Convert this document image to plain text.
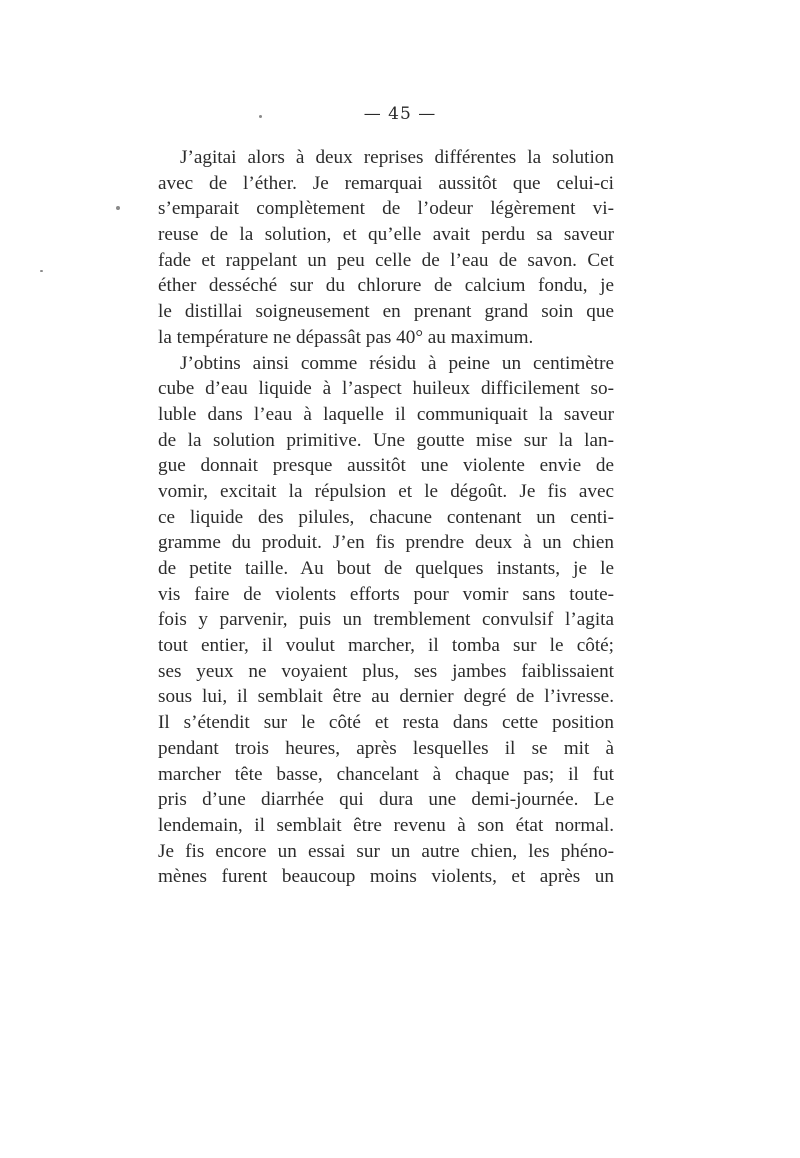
— 45 —
J’agitai alors à deux reprises différentes la solution
avec de l’éther. Je remarquai aussitôt que celui-ci
s’emparait complètement de l’odeur légèrement vi-
reuse de la solution, et qu’elle avait perdu sa saveur
fade et rappelant un peu celle de l’eau de savon. Cet
éther desséché sur du chlorure de calcium fondu, je
le distillai soigneusement en prenant grand soin que
la température ne dépassât pas 40° au maximum.
J’obtins ainsi comme résidu à peine un centimètre
cube d’eau liquide à l’aspect huileux difficilement so-
luble dans l’eau à laquelle il communiquait la saveur
de la solution primitive. Une goutte mise sur la lan-
gue donnait presque aussitôt une violente envie de
vomir, excitait la répulsion et le dégoût. Je fis avec
ce liquide des pilules, chacune contenant un centi-
gramme du produit. J’en fis prendre deux à un chien
de petite taille. Au bout de quelques instants, je le
vis faire de violents efforts pour vomir sans toute-
fois y parvenir, puis un tremblement convulsif l’agita
tout entier, il voulut marcher, il tomba sur le côté;
ses yeux ne voyaient plus, ses jambes faiblissaient
sous lui, il semblait être au dernier degré de l’ivresse.
Il s’étendit sur le côté et resta dans cette position
pendant trois heures, après lesquelles il se mit à
marcher tête basse, chancelant à chaque pas; il fut
pris d’une diarrhée qui dura une demi-journée. Le
lendemain, il semblait être revenu à son état normal.
Je fis encore un essai sur un autre chien, les phéno-
mènes furent beaucoup moins violents, et après un
